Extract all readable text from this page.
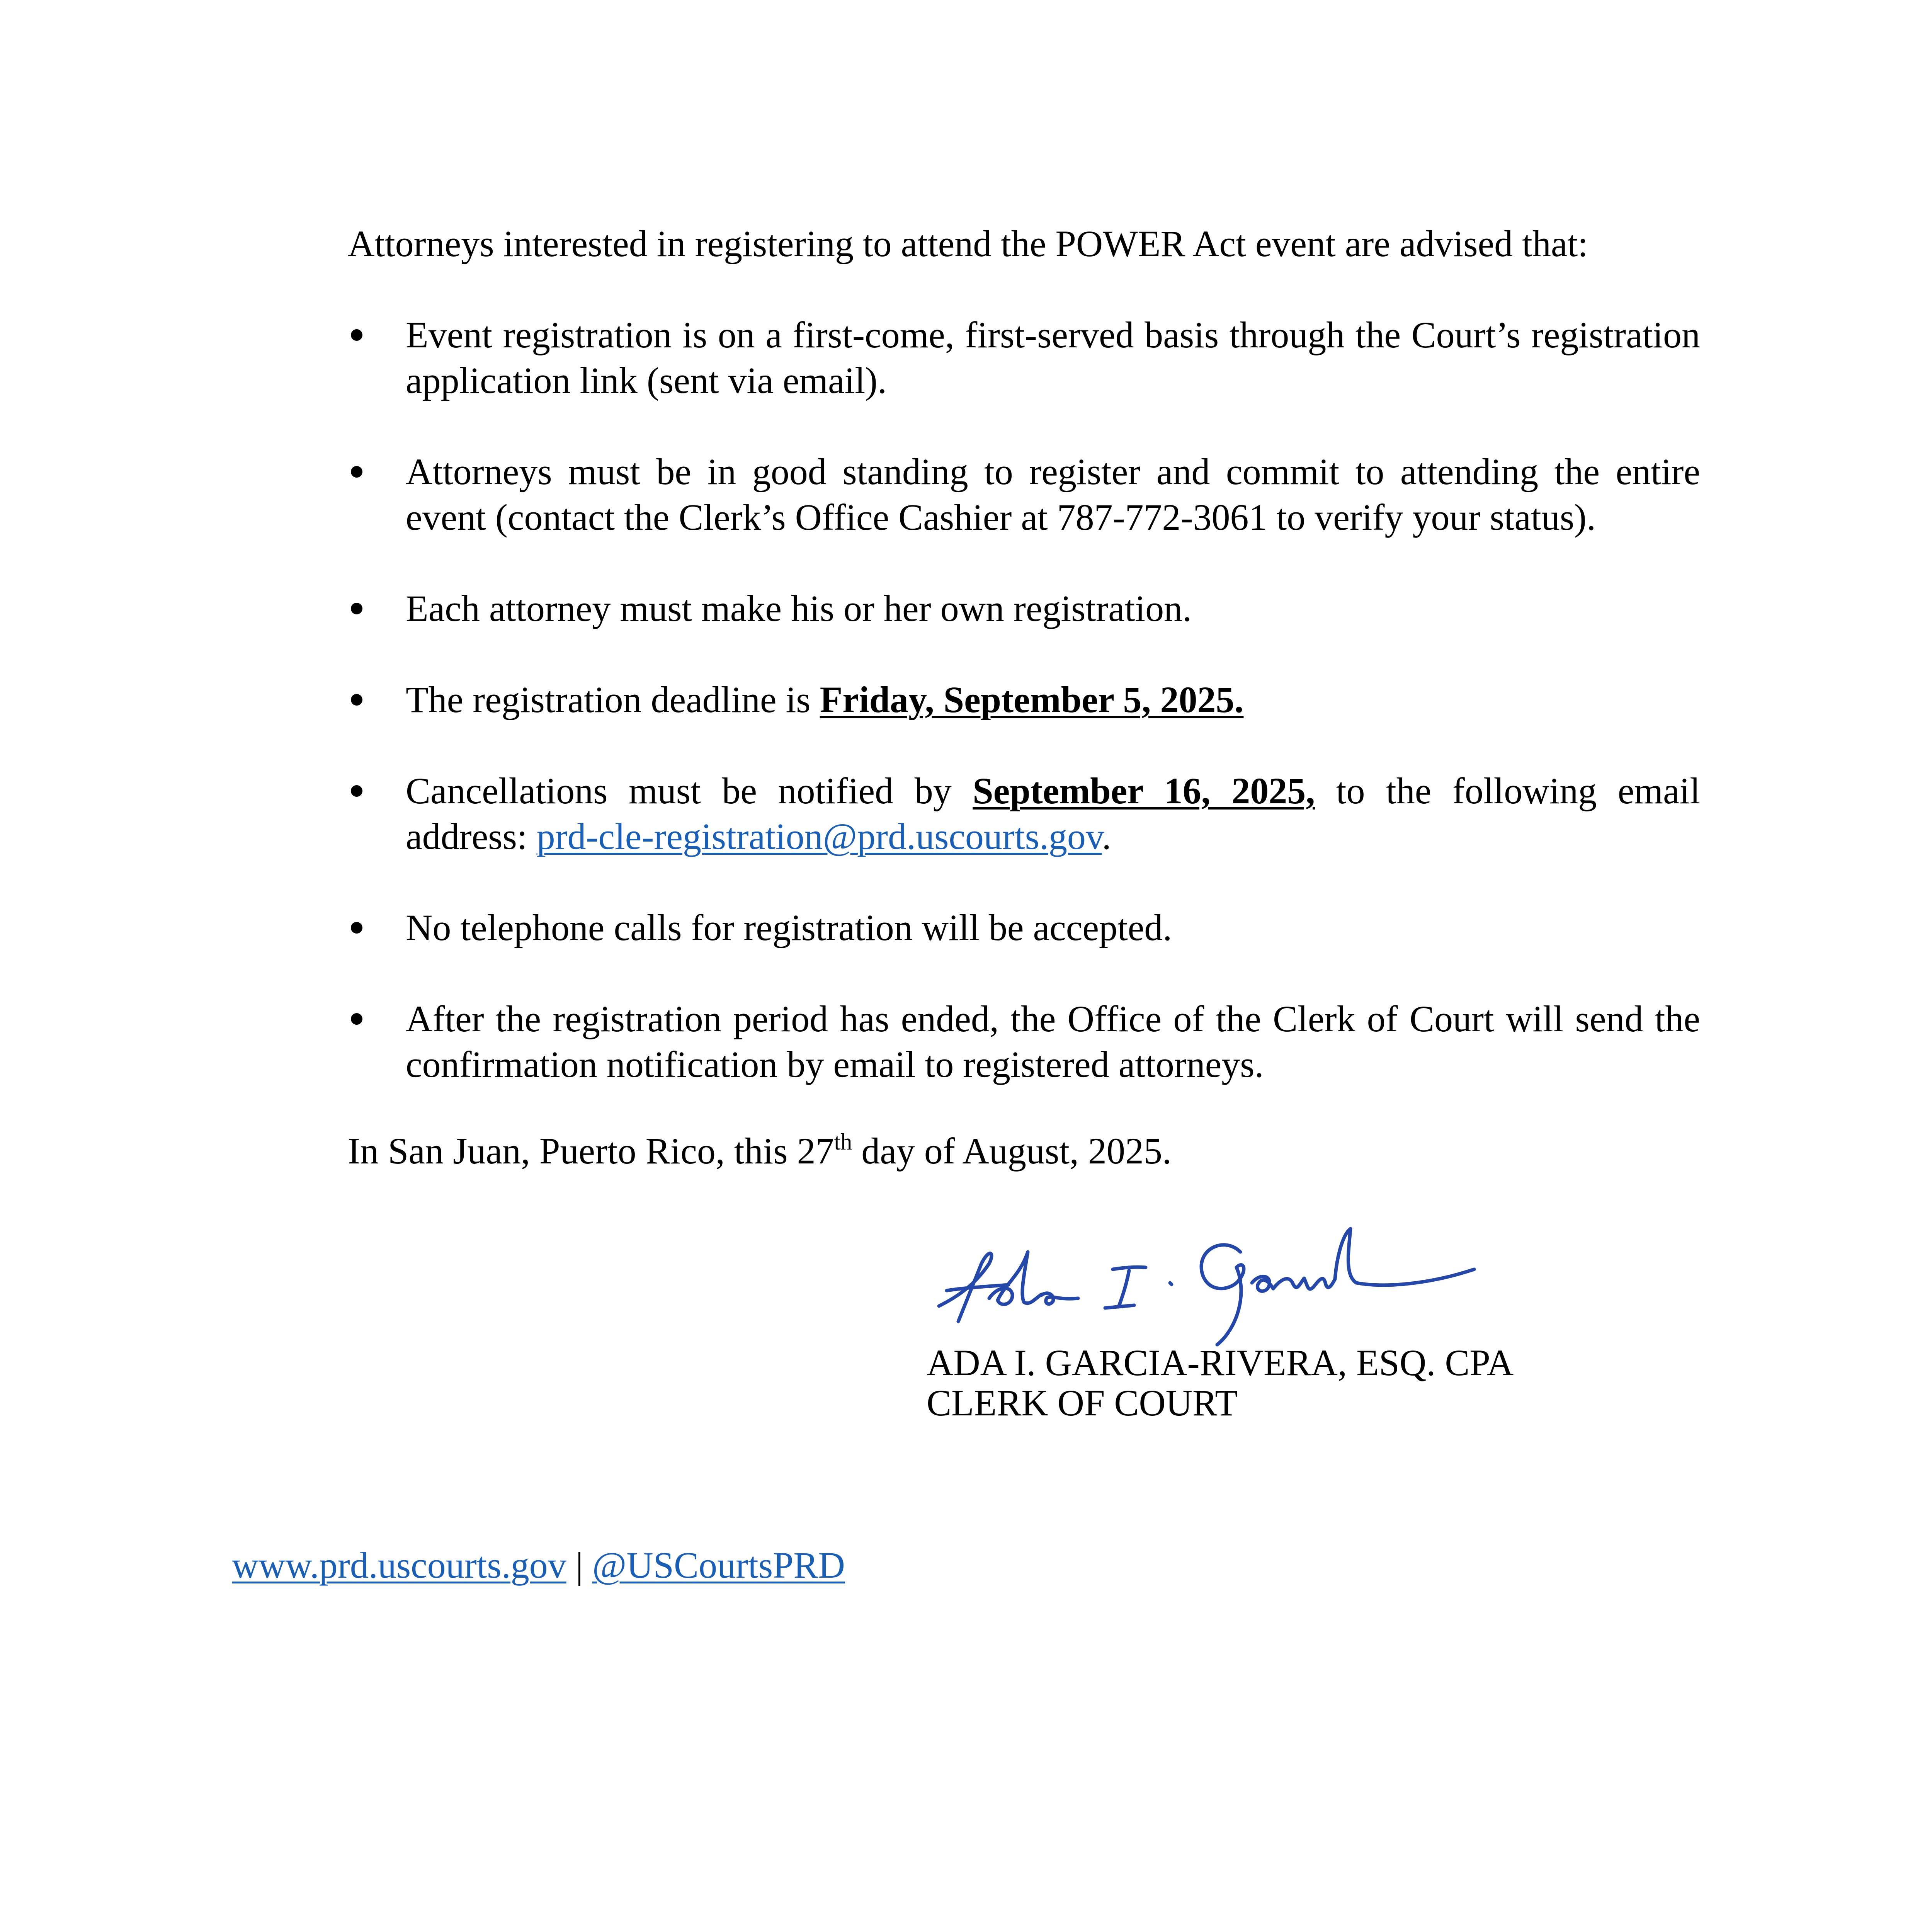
Attorneys interested in registering to attend the POWER Act event are advised that:
Event registration is on a first-come, first-served basis through the Court’s registration application link (sent via email).
Attorneys must be in good standing to register and commit to attending the entire event (contact the Clerk’s Office Cashier at 787-772-3061 to verify your status).
Each attorney must make his or her own registration.
The registration deadline is Friday, September 5, 2025.
Cancellations must be notified by September 16, 2025, to the following email address: prd-cle-registration@prd.uscourts.gov.
No telephone calls for registration will be accepted.
After the registration period has ended, the Office of the Clerk of Court will send the confirmation notification by email to registered attorneys.
In San Juan, Puerto Rico, this 27th day of August, 2025.
ADA I. GARCIA-RIVERA, ESQ. CPA
CLERK OF COURT
www.prd.uscourts.gov | @USCourtsPRD
